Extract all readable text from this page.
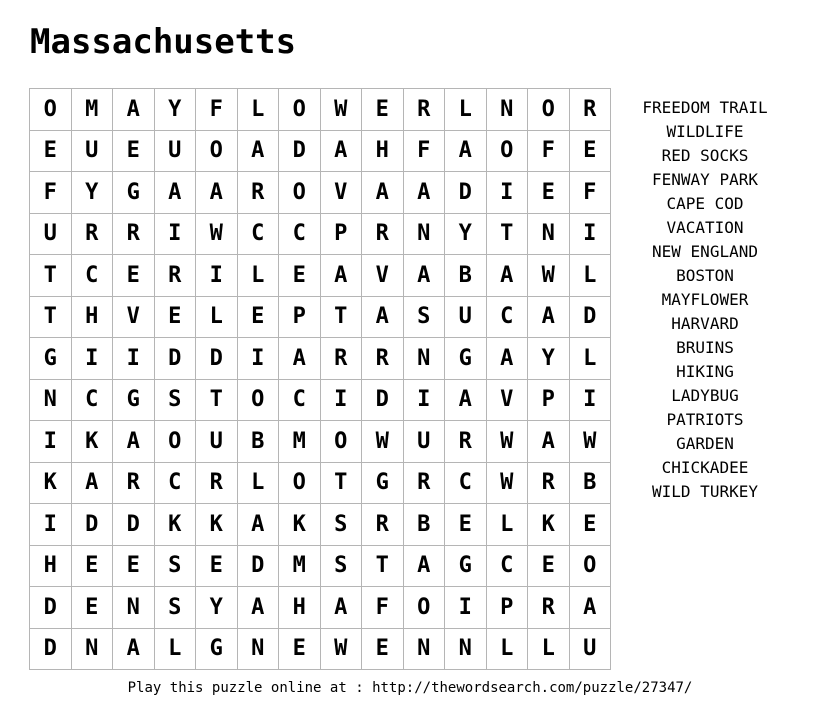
Massachusetts
O	M	A	Y	F	L	O	W	E	R	L	N	O	R
E	U	E	U	O	A	D	A	H	F	A	O	F	E
F	Y	G	A	A	R	O	V	A	A	D	I	E	F
U	R	R	I	W	C	C	P	R	N	Y	T	N	I
T	C	E	R	I	L	E	A	V	A	B	A	W	L
T	H	V	E	L	E	P	T	A	S	U	C	A	D
G	I	I	D	D	I	A	R	R	N	G	A	Y	L
N	C	G	S	T	O	C	I	D	I	A	V	P	I
I	K	A	O	U	B	M	O	W	U	R	W	A	W
K	A	R	C	R	L	O	T	G	R	C	W	R	B
I	D	D	K	K	A	K	S	R	B	E	L	K	E
H	E	E	S	E	D	M	S	T	A	G	C	E	O
D	E	N	S	Y	A	H	A	F	O	I	P	R	A
D	N	A	L	G	N	E	W	E	N	N	L	L	U
FREEDOM TRAIL
WILDLIFE
RED SOCKS
FENWAY PARK
CAPE COD
VACATION
NEW ENGLAND
BOSTON
MAYFLOWER
HARVARD
BRUINS
HIKING
LADYBUG
PATRIOTS
GARDEN
CHICKADEE
WILD TURKEY
Play this puzzle online at : http://thewordsearch.com/puzzle/27347/
